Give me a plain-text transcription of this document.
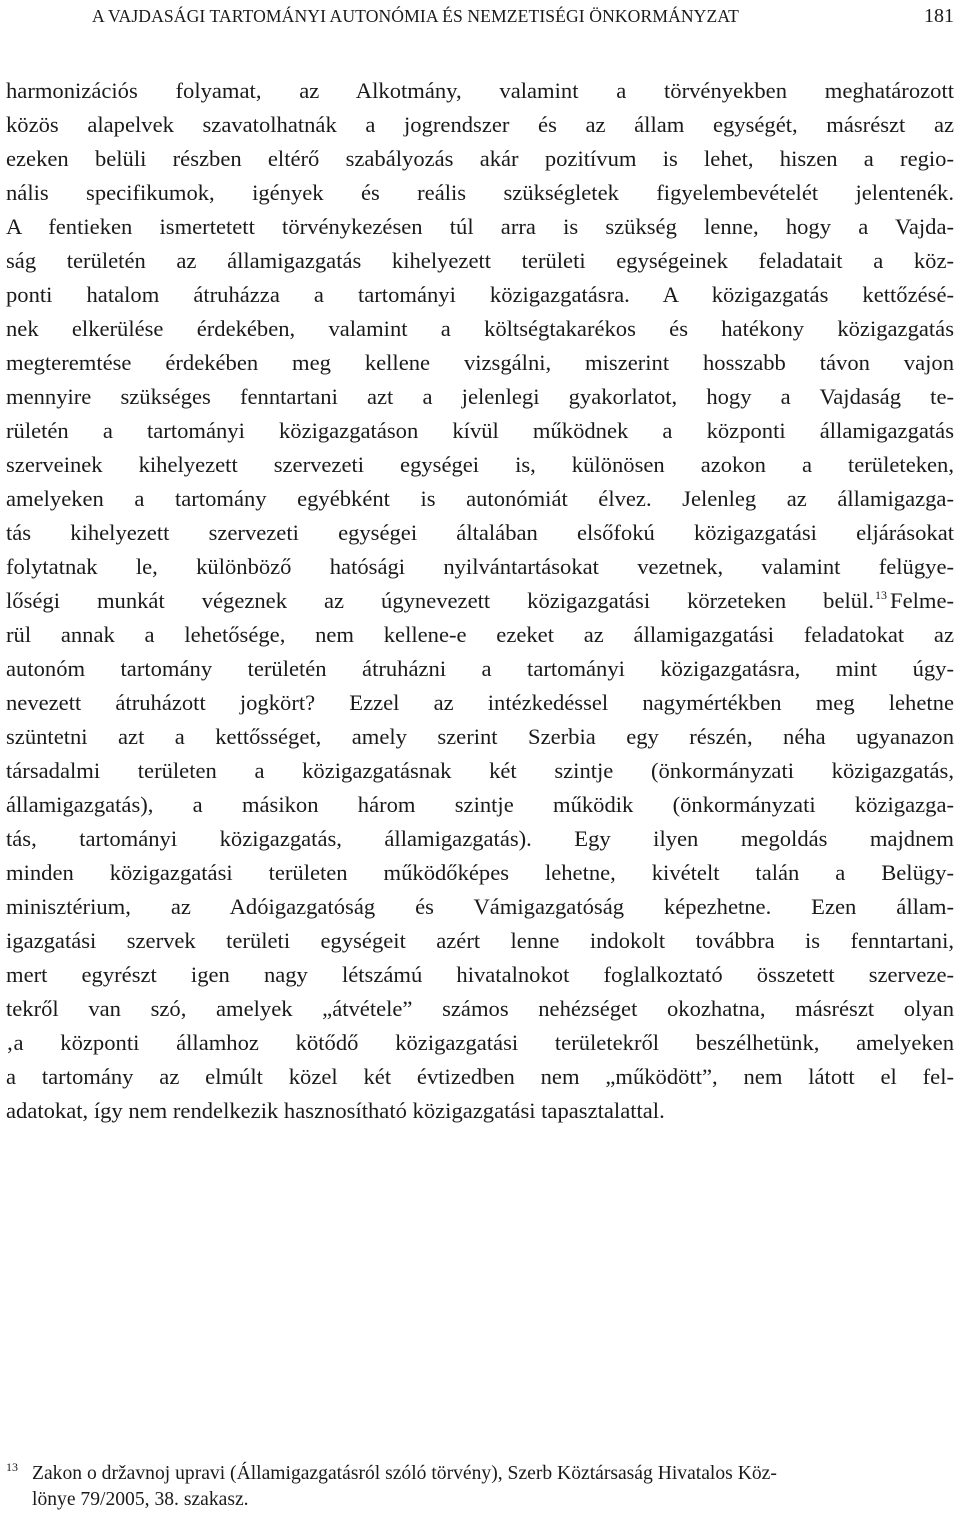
A VAJDASÁGI TARTOMÁNYI AUTONÓMIA ÉS NEMZETISÉGI ÖNKORMÁNYZAT	181
harmonizációs folyamat, az Alkotmány, valamint a törvényekben meghatározott
közös alapelvek szavatolhatnák a jogrendszer és az állam egységét, másrészt az
ezeken belüli részben eltérő szabályozás akár pozitívum is lehet, hiszen a regio-
nális specifikumok, igények és reális szükségletek figyelembevételét jelentenék.
A fentieken ismertetett törvénykezésen túl arra is szükség lenne, hogy a Vajda-
ság területén az államigazgatás kihelyezett területi egységeinek feladatait a köz-
ponti hatalom átruházza a tartományi közigazgatásra. A közigazgatás kettőzésé-
nek elkerülése érdekében, valamint a költségtakarékos és hatékony közigazgatás
megteremtése érdekében meg kellene vizsgálni, miszerint hosszabb távon vajon
mennyire szükséges fenntartani azt a jelenlegi gyakorlatot, hogy a Vajdaság te-
rületén a tartományi közigazgatáson kívül működnek a központi államigazgatás
szerveinek kihelyezett szervezeti egységei is, különösen azokon a területeken,
amelyeken a tartomány egyébként is autonómiát élvez. Jelenleg az államigazga-
tás kihelyezett szervezeti egységei általában elsőfokú közigazgatási eljárásokat
folytatnak le, különböző hatósági nyilvántartásokat vezetnek, valamint felügye-
lőségi munkát végeznek az úgynevezett közigazgatási körzeteken belül.13 Felme-
rül annak a lehetősége, nem kellene-e ezeket az államigazgatási feladatokat az
autonóm tartomány területén átruházni a tartományi közigazgatásra, mint úgy-
nevezett átruházott jogkört? Ezzel az intézkedéssel nagymértékben meg lehetne
szüntetni azt a kettősséget, amely szerint Szerbia egy részén, néha ugyanazon
társadalmi területen a közigazgatásnak két szintje (önkormányzati közigazgatás,
államigazgatás), a másikon három szintje működik (önkormányzati közigazga-
tás, tartományi közigazgatás, államigazgatás). Egy ilyen megoldás majdnem
minden közigazgatási területen működőképes lehetne, kivételt talán a Belügy-
minisztérium, az Adóigazgatóság és Vámigazgatóság képezhetne. Ezen állam-
igazgatási szervek területi egységeit azért lenne indokolt továbbra is fenntartani,
mert egyrészt igen nagy létszámú hivatalnokot foglalkoztató összetett szerveze-
tekről van szó, amelyek „átvétele” számos nehézséget okozhatna, másrészt olyan
‚a központi államhoz kötődő közigazgatási területekről beszélhetünk, amelyeken
a tartomány az elmúlt közel két évtizedben nem „működött”, nem látott el fel-
adatokat, így nem rendelkezik hasznosítható közigazgatási tapasztalattal.
13 Zakon o državnoj upravi (Államigazgatásról szóló törvény), Szerb Köztársaság Hivatalos Köz-
lönye 79/2005, 38. szakasz.
